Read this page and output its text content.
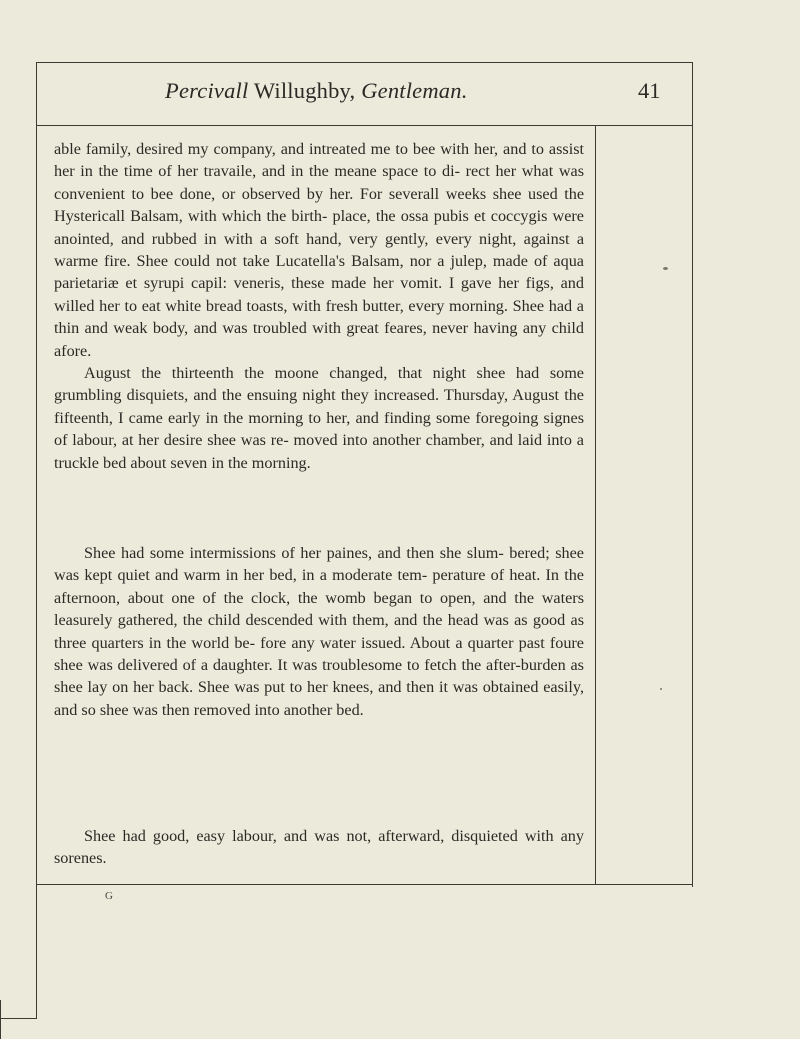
Percivall Willughby, Gentleman.	41
able family, desired my company, and intreated me to bee with her, and to assist her in the time of her travaile, and in the meane space to di- rect her what was convenient to bee done, or observed by her. For severall weeks shee used the Hystericall Balsam, with which the birth- place, the ossa pubis et coccygis were anointed, and rubbed in with a soft hand, very gently, every night, against a warme fire. Shee could not take Lucatella's Balsam, nor a julep, made of aqua parietariæ et syrupi capil: veneris, these made her vomit. I gave her figs, and willed her to eat white bread toasts, with fresh butter, every morning. Shee had a thin and weak body, and was troubled with great feares, never having any child afore.
August the thirteenth the moone changed, that night shee had some grumbling disquiets, and the ensuing night they increased. Thursday, August the fifteenth, I came early in the morning to her, and finding some foregoing signes of labour, at her desire shee was re- moved into another chamber, and laid into a truckle bed about seven in the morning.
Shee had some intermissions of her paines, and then she slum- bered; shee was kept quiet and warm in her bed, in a moderate tem- perature of heat. In the afternoon, about one of the clock, the womb began to open, and the waters leasurely gathered, the child descended with them, and the head was as good as three quarters in the world be- fore any water issued. About a quarter past foure shee was delivered of a daughter. It was troublesome to fetch the after-burden as shee lay on her back. Shee was put to her knees, and then it was obtained easily, and so shee was then removed into another bed.
Shee had good, easy labour, and was not, afterward, disquieted with any sorenes.
G
